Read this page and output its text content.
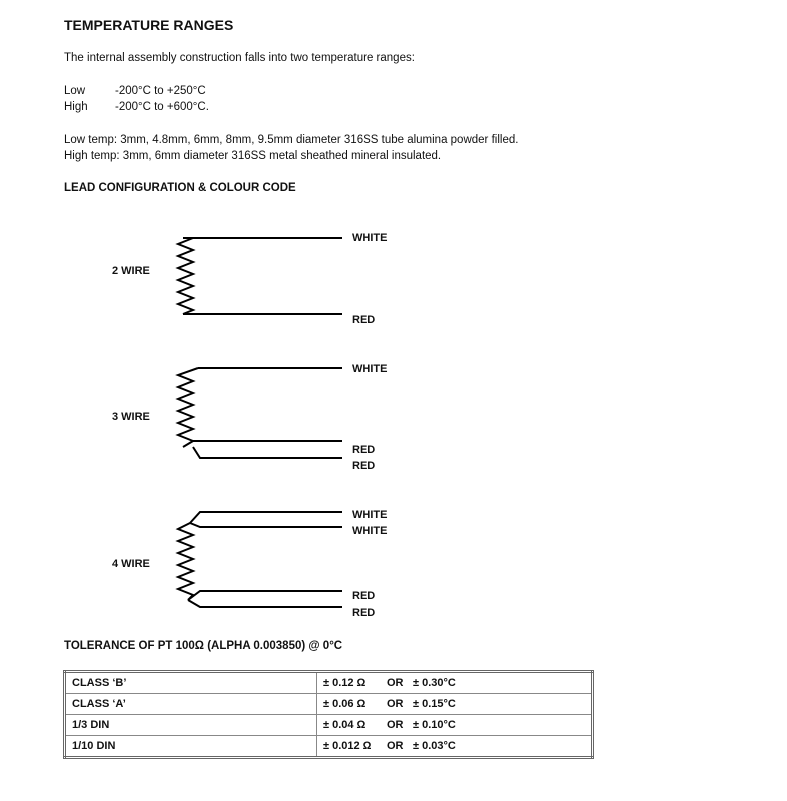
TEMPERATURE RANGES
The internal assembly construction falls into two temperature ranges:
Low	-200°C to +250°C
High -200°C to +600°C.
Low temp: 3mm, 4.8mm, 6mm, 8mm, 9.5mm diameter 316SS tube alumina powder filled.
High temp: 3mm, 6mm diameter 316SS metal sheathed mineral insulated.
LEAD CONFIGURATION & COLOUR CODE
2 WIRE
WHITE
RED
3 WIRE
WHITE
RED
RED
4 WIRE
WHITE
WHITE
RED
RED
TOLERANCE OF PT 100Ω (ALPHA 0.003850) @ 0°C
CLASS ‘B’	± 0.12 Ω OR ± 0.30°C
CLASS ‘A’	± 0.06 Ω OR ± 0.15°C
1/3 DIN	± 0.04 Ω OR ± 0.10°C
1/10 DIN	± 0.012 Ω OR ± 0.03°C
